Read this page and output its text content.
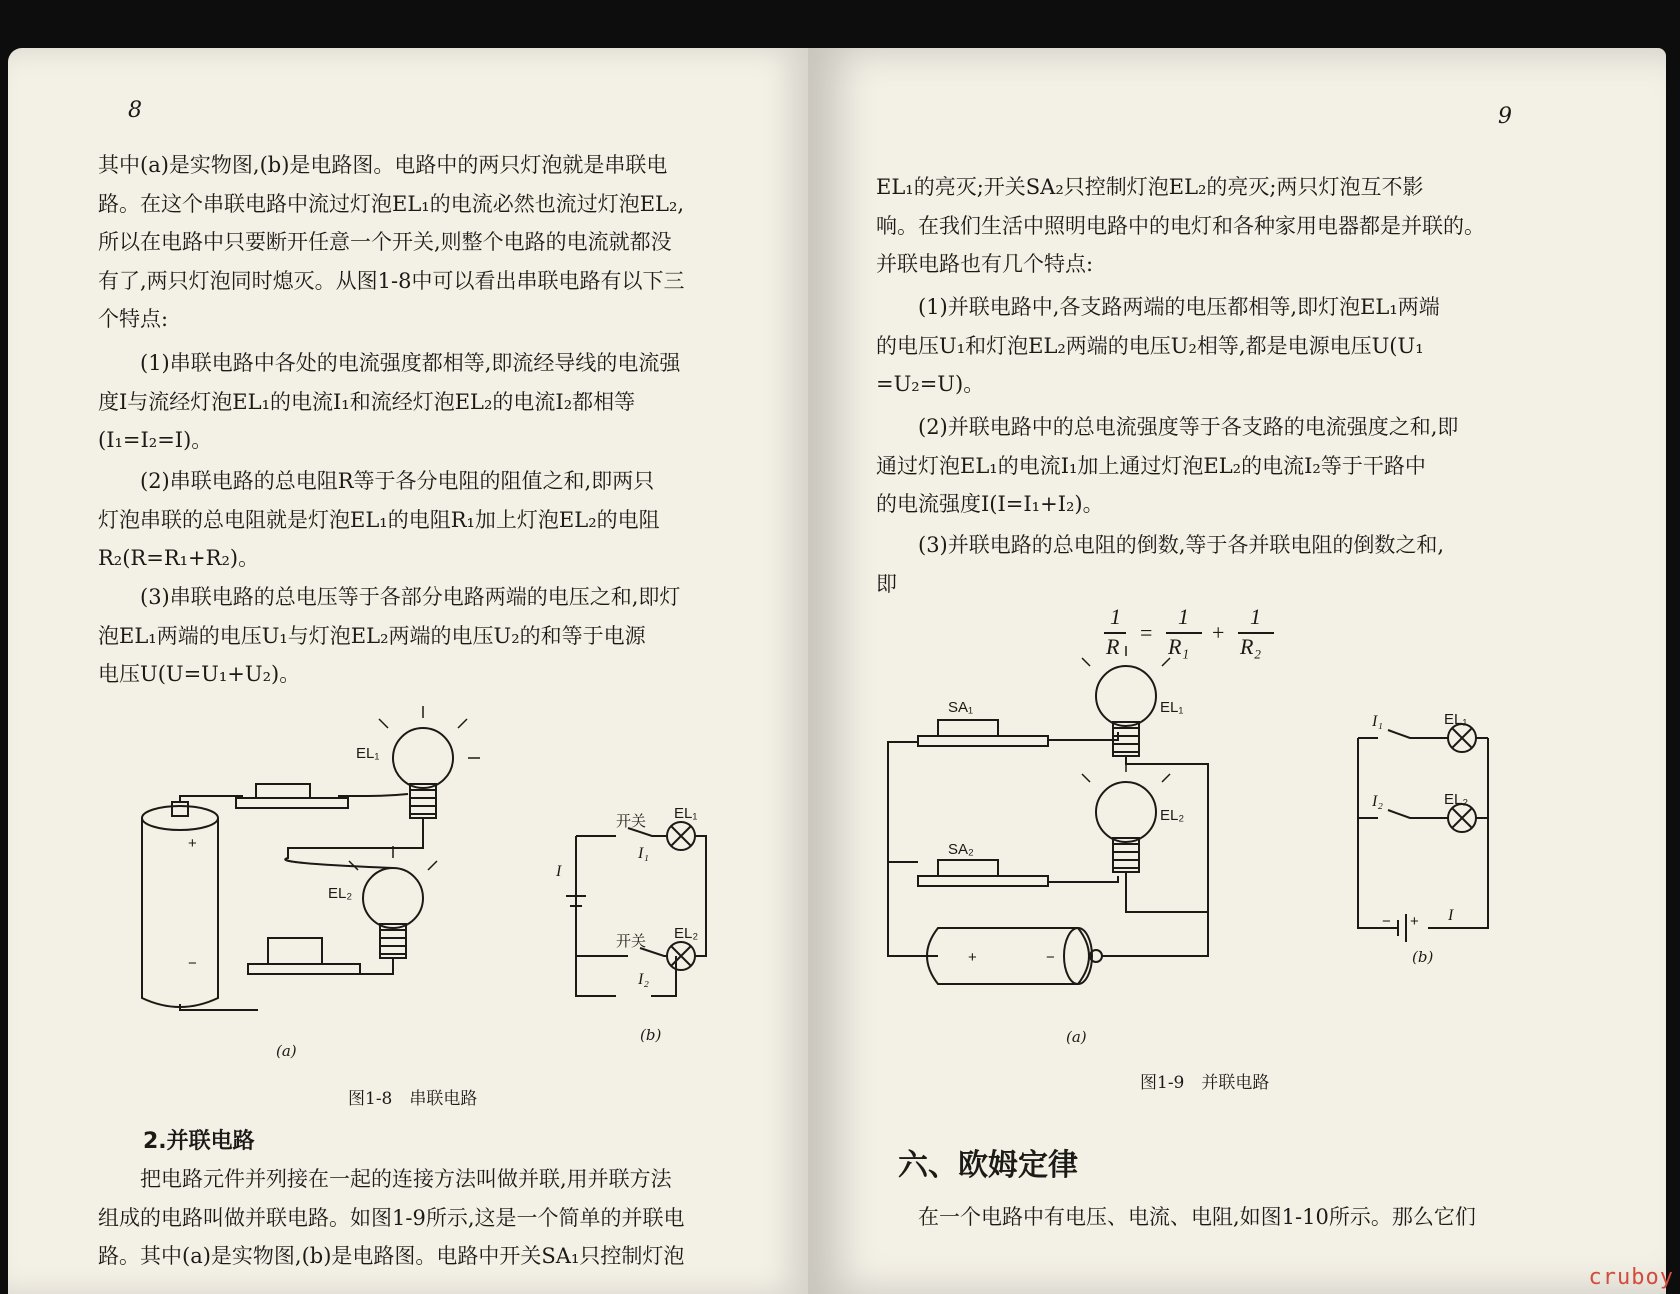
8
其中(a)是实物图,(b)是电路图。电路中的两只灯泡就是串联电
路。在这个串联电路中流过灯泡EL₁的电流必然也流过灯泡EL₂,
所以在电路中只要断开任意一个开关,则整个电路的电流就都没
有了,两只灯泡同时熄灭。从图1-8中可以看出串联电路有以下三
个特点:
(1)串联电路中各处的电流强度都相等,即流经导线的电流强
度I与流经灯泡EL₁的电流I₁和流经灯泡EL₂的电流I₂都相等
(I₁=I₂=I)。
(2)串联电路的总电阻R等于各分电阻的阻值之和,即两只
灯泡串联的总电阻就是灯泡EL₁的电阻R₁加上灯泡EL₂的电阻
R₂(R=R₁+R₂)。
(3)串联电路的总电压等于各部分电路两端的电压之和,即灯
泡EL₁两端的电压U₁与灯泡EL₂两端的电压U₂的和等于电源
电压U(U=U₁+U₂)。
+
−
EL₁
EL₂
(a)
开关 EL₁
开关 EL₂
I
I₁
I₂
(b)
图1-8　串联电路
2.并联电路
把电路元件并列接在一起的连接方法叫做并联,用并联方法
组成的电路叫做并联电路。如图1-9所示,这是一个简单的并联电
路。其中(a)是实物图,(b)是电路图。电路中开关SA₁只控制灯泡
9
EL₁的亮灭;开关SA₂只控制灯泡EL₂的亮灭;两只灯泡互不影
响。在我们生活中照明电路中的电灯和各种家用电器都是并联的。
并联电路也有几个特点:
(1)并联电路中,各支路两端的电压都相等,即灯泡EL₁两端
的电压U₁和灯泡EL₂两端的电压U₂相等,都是电源电压U(U₁
=U₂=U)。
(2)并联电路中的总电流强度等于各支路的电流强度之和,即
通过灯泡EL₁的电流I₁加上通过灯泡EL₂的电流I₂等于干路中
的电流强度I(I=I₁+I₂)。
(3)并联电路的总电阻的倒数,等于各并联电阻的倒数之和,
即
1
R
=
1
R₁
+
1
R₂
SA₁	EL₁
SA₂
EL₂
+	−
(a)
I₁	EL₁
I₂	EL₂
+
−	I
(b)
图1-9　并联电路
六、欧姆定律
在一个电路中有电压、电流、电阻,如图1-10所示。那么它们
cruboy
